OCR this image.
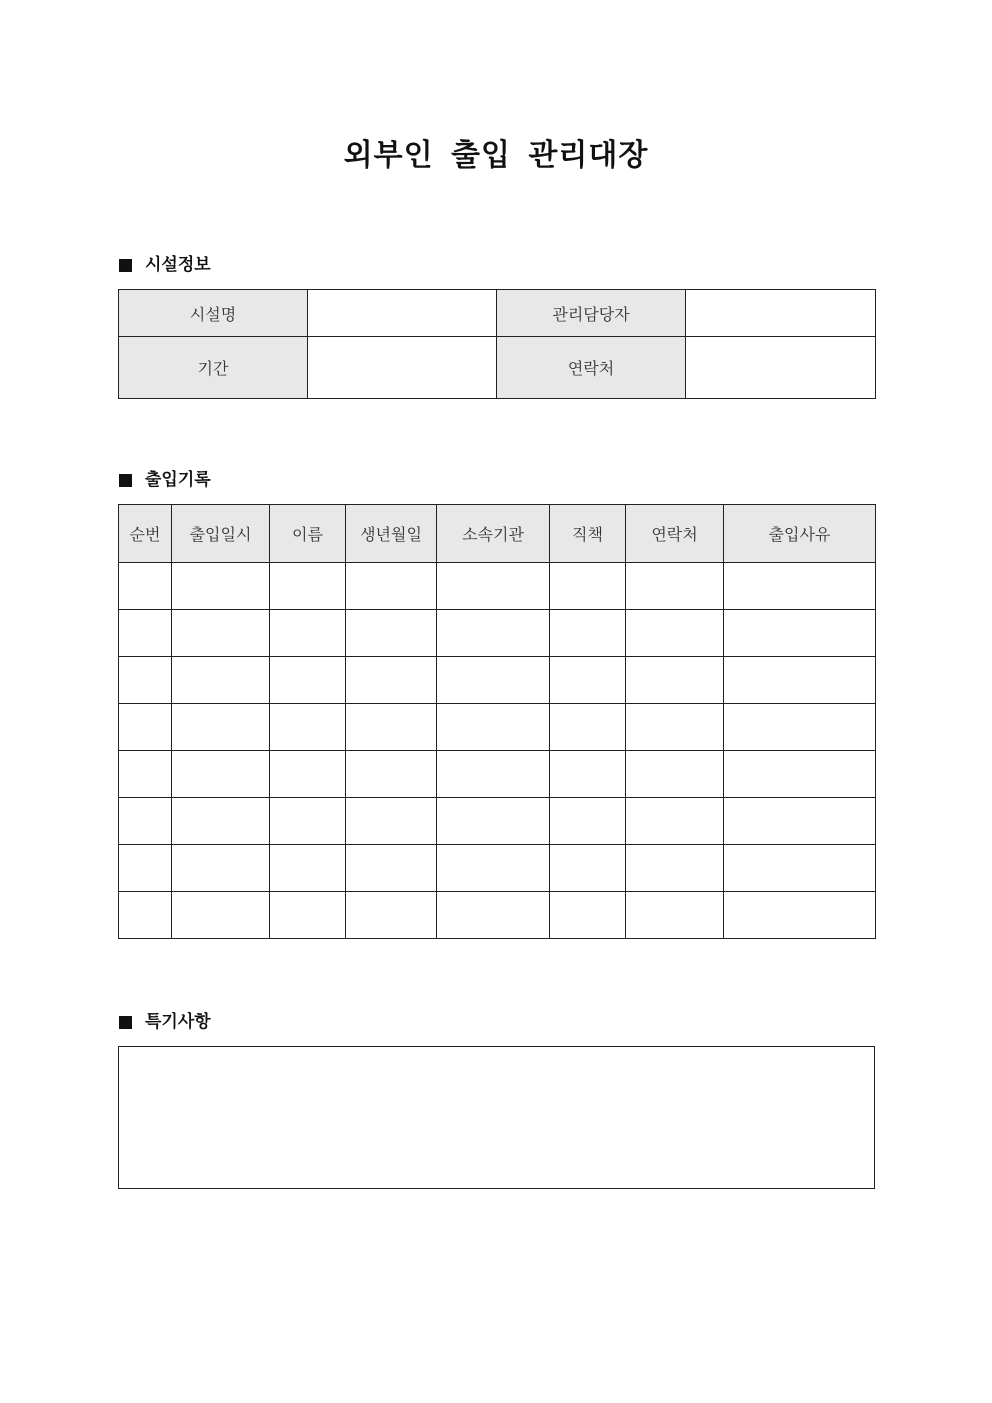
외부인 출입 관리대장
시설정보
시설명		관리담당자	
기간		연락처	
출입기록
순번	출입일시	이름	생년월일	소속기관	직책	연락처	출입사유

특기사항
